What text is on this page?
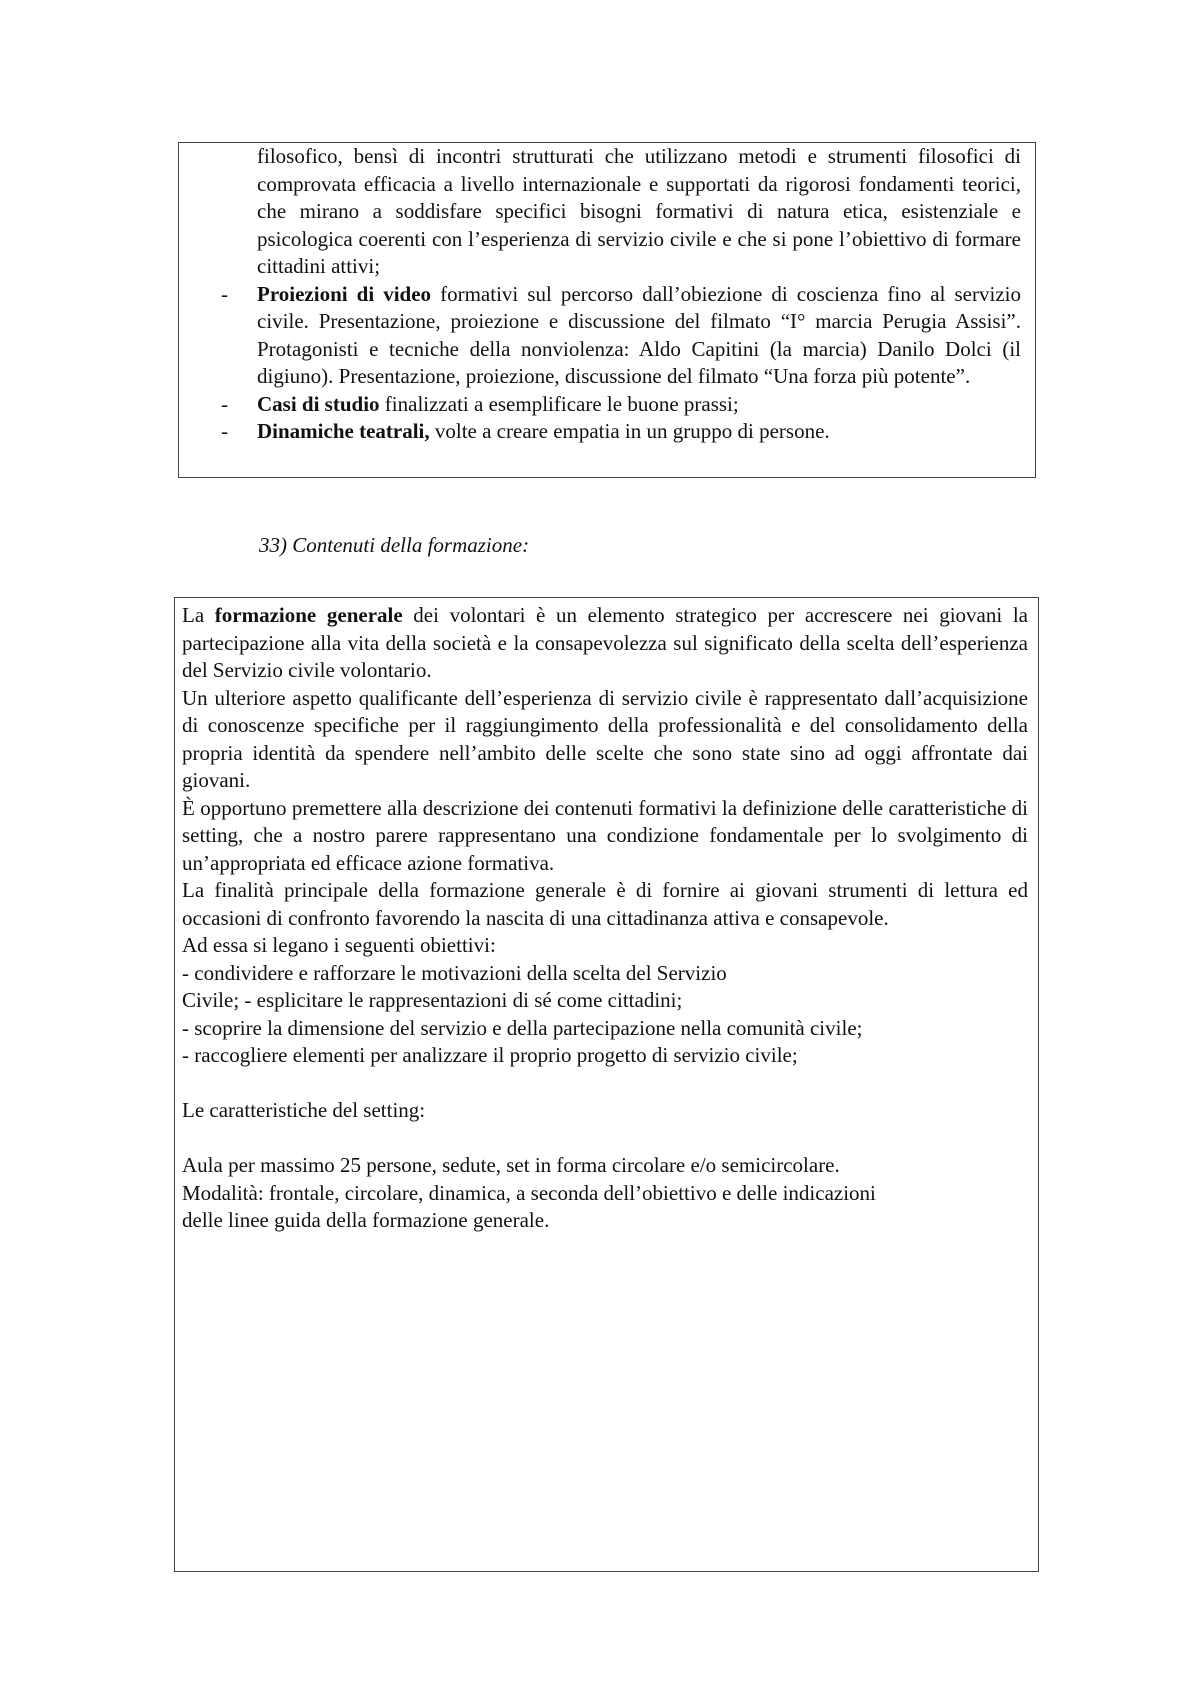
filosofico, bensì di incontri strutturati che utilizzano metodi e strumenti filosofici di comprovata efficacia a livello internazionale e supportati da rigorosi fondamenti teorici, che mirano a soddisfare specifici bisogni formativi di natura etica, esistenziale e psicologica coerenti con l’esperienza di servizio civile e che si pone l’obiettivo di formare cittadini attivi;

- Proiezioni di video formativi sul percorso dall’obiezione di coscienza fino al servizio civile. Presentazione, proiezione e discussione del filmato “I° marcia Perugia Assisi”. Protagonisti e tecniche della nonviolenza: Aldo Capitini (la marcia) Danilo Dolci (il digiuno). Presentazione, proiezione, discussione del filmato “Una forza più potente”.

- Casi di studio finalizzati a esemplificare le buone prassi;

- Dinamiche teatrali, volte a creare empatia in un gruppo di persone.

33) Contenuti della formazione:

La formazione generale dei volontari è un elemento strategico per accrescere nei giovani la partecipazione alla vita della società e la consapevolezza sul significato della scelta dell’esperienza del Servizio civile volontario.

Un ulteriore aspetto qualificante dell’esperienza di servizio civile è rappresentato dall’acquisizione di conoscenze specifiche per il raggiungimento della professionalità e del consolidamento della propria identità da spendere nell’ambito delle scelte che sono state sino ad oggi affrontate dai giovani.

È opportuno premettere alla descrizione dei contenuti formativi la definizione delle caratteristiche di setting, che a nostro parere rappresentano una condizione fondamentale per lo svolgimento di un’appropriata ed efficace azione formativa.

La finalità principale della formazione generale è di fornire ai giovani strumenti di lettura ed occasioni di confronto favorendo la nascita di una cittadinanza attiva e consapevole.

Ad essa si legano i seguenti obiettivi:

- condividere e rafforzare le motivazioni della scelta del Servizio

Civile; - esplicitare le rappresentazioni di sé come cittadini;

- scoprire la dimensione del servizio e della partecipazione nella comunità civile;

- raccogliere elementi per analizzare il proprio progetto di servizio civile;

Le caratteristiche del setting:

Aula per massimo 25 persone, sedute, set in forma circolare e/o semicircolare.

Modalità: frontale, circolare, dinamica, a seconda dell’obiettivo e delle indicazioni

delle linee guida della formazione generale.
